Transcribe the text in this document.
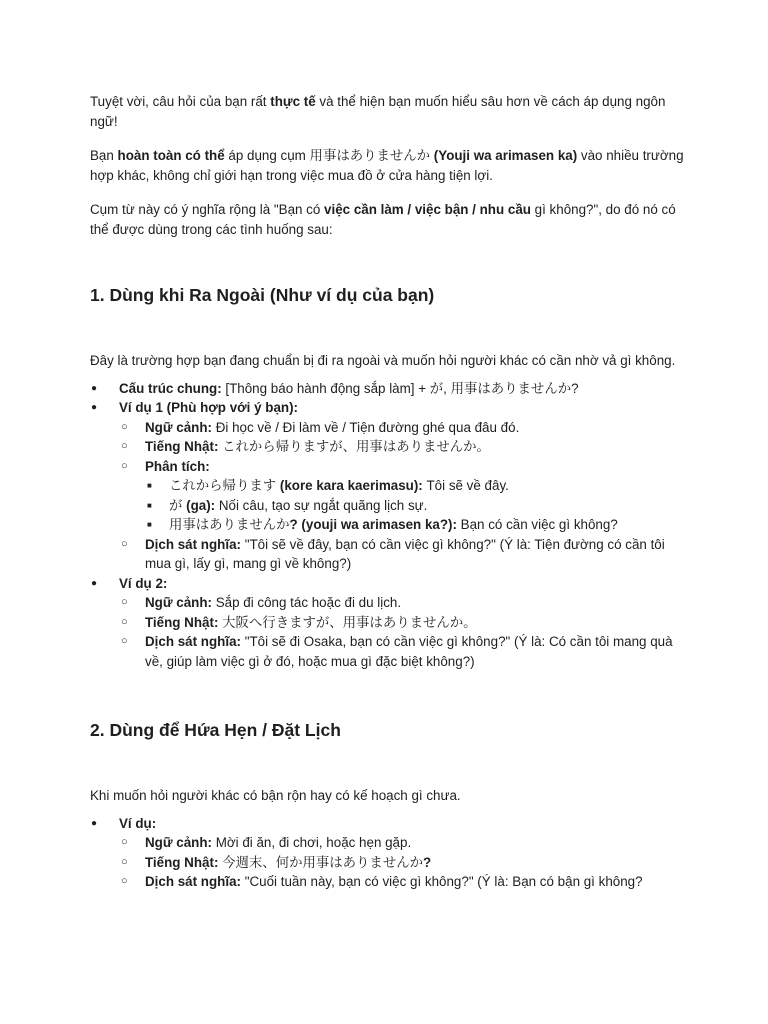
Tuyệt vời, câu hỏi của bạn rất thực tế và thể hiện bạn muốn hiểu sâu hơn về cách áp dụng ngôn ngữ!

Bạn hoàn toàn có thể áp dụng cụm 用事はありませんか (Youji wa arimasen ka) vào nhiều trường hợp khác, không chỉ giới hạn trong việc mua đồ ở cửa hàng tiện lợi.

Cụm từ này có ý nghĩa rộng là "Bạn có việc cần làm / việc bận / nhu cầu gì không?", do đó nó có thể được dùng trong các tình huống sau:

1. Dùng khi Ra Ngoài (Như ví dụ của bạn)

Đây là trường hợp bạn đang chuẩn bị đi ra ngoài và muốn hỏi người khác có cần nhờ vả gì không.

● Cấu trúc chung: [Thông báo hành động sắp làm] + が, 用事はありませんか?
● Ví dụ 1 (Phù hợp với ý bạn):
○ Ngữ cảnh: Đi học về / Đi làm về / Tiện đường ghé qua đâu đó.
○ Tiếng Nhật: これから帰りますが、用事はありませんか。
○ Phân tích:
■ これから帰ります (kore kara kaerimasu): Tôi sẽ về đây.
■ が (ga): Nối câu, tạo sự ngắt quãng lịch sự.
■ 用事はありませんか? (youji wa arimasen ka?): Bạn có cần việc gì không?
○ Dịch sát nghĩa: "Tôi sẽ về đây, bạn có cần việc gì không?" (Ý là: Tiện đường có cần tôi mua gì, lấy gì, mang gì về không?)
● Ví dụ 2:
○ Ngữ cảnh: Sắp đi công tác hoặc đi du lịch.
○ Tiếng Nhật: 大阪へ行きますが、用事はありませんか。
○ Dịch sát nghĩa: "Tôi sẽ đi Osaka, bạn có cần việc gì không?" (Ý là: Có cần tôi mang quà về, giúp làm việc gì ở đó, hoặc mua gì đặc biệt không?)
2. Dùng để Hứa Hẹn / Đặt Lịch

Khi muốn hỏi người khác có bận rộn hay có kế hoạch gì chưa.

● Ví dụ:
○ Ngữ cảnh: Mời đi ăn, đi chơi, hoặc hẹn gặp.
○ Tiếng Nhật: 今週末、何か用事はありませんか?
○ Dịch sát nghĩa: "Cuối tuần này, bạn có việc gì không?" (Ý là: Bạn có bận gì không?
